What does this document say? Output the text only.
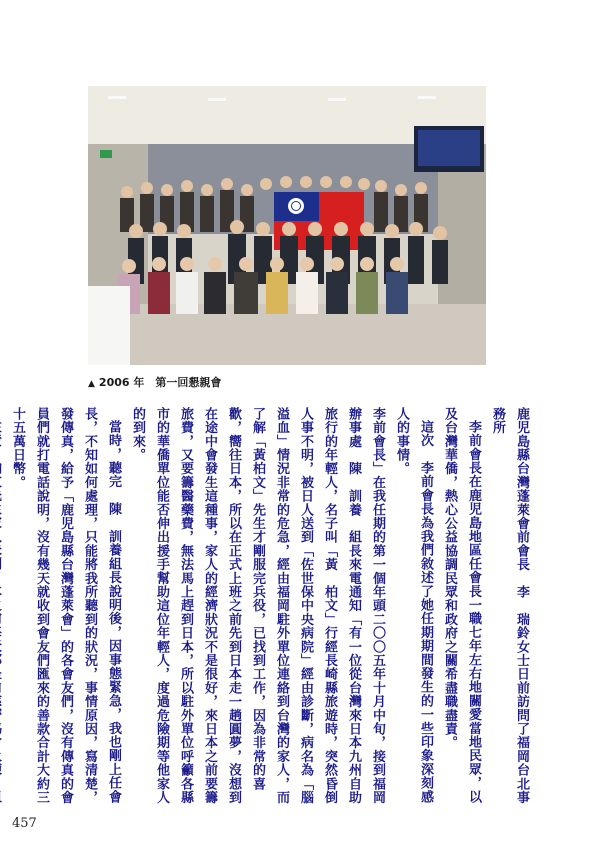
▲ 2006 年　第一回懇親會

鹿児島縣台灣蓬萊會前會長　李　瑞鈴女士日前訪問了福岡台北事務所

李前會長在鹿児島地區任會長一職七年左右地關愛當地民眾，以及台灣華僑，熱心公益協調民眾和政府之關希盡職盡責。

這次　李前會長為我們敘述了她任期期間發生的一些印象深刻感人的事情。

李前會長」在我任期的第一個年頭二〇〇五年十月中旬，接到福岡辦事處　陳　訓養　組長來電通知「有一位從台灣來日本九州自助旅行的年輕人，名子叫「黃　柏文」行經長崎縣旅遊時，突然昏倒人事不明，被日人送到「佐世保中央病院」經由診斷，病名為「腦溢血」情況非常的危急，經由福岡駐外單位連絡到台灣的家人，而了解「黃柏文」先生才剛服完兵役，已找到工作，因為非常的喜歡，嚮往日本，所以在正式上班之前先到日本走一趟圓夢，沒想到在途中會發生這種事，家人的經濟狀況不是很好，來日本之前要籌旅費，又要籌醫藥費，無法馬上趕到日本，所以駐外單位呼籲各縣市的華僑單位能否伸出援手幫助這位年輕人，度過危險期等他家人的到來。

當時，聽完　陳　訓養組長說明後，因事態緊急，我也剛上任會長，不知如何處理，只能將我所聽到的狀況，事情原因，寫清楚，發傳真，給予「鹿児島縣台灣蓬萊會」的各會友們，沒有傳真的會員們就打電話說明，沒有幾天就收到會友們匯來的善款合計大約三十五萬日幣。

457
